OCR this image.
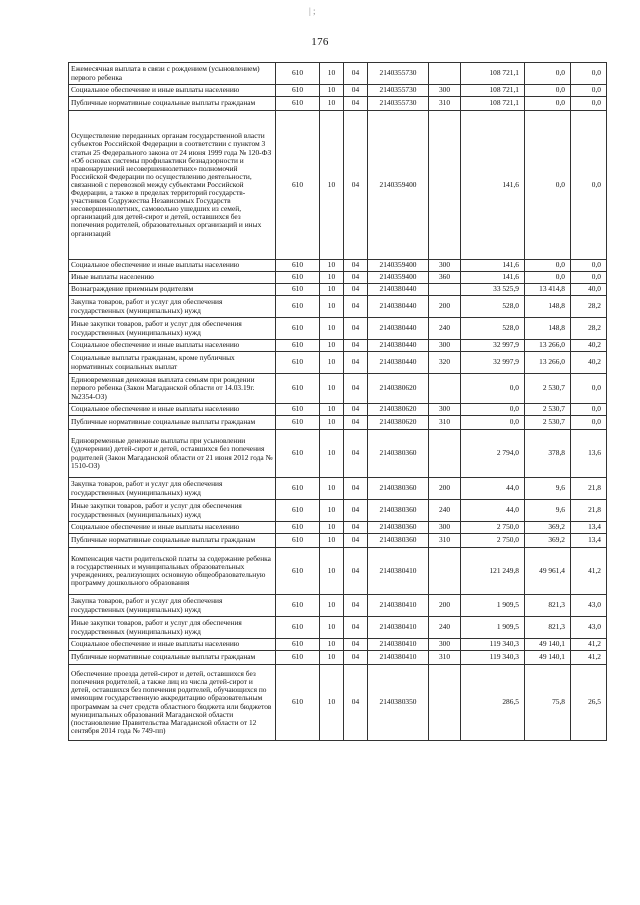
| ;
176
Ежемесячная выплата в связи с рождением (усыновлением) первого ребенка	610	10	04	2140355730		108 721,1	0,0	0,0
Социальное обеспечение и иные выплаты населению	610	10	04	2140355730	300	108 721,1	0,0	0,0
Публичные нормативные социальные выплаты гражданам	610	10	04	2140355730	310	108 721,1	0,0	0,0
Осуществление переданных органам государственной власти субъектов Российской Федерации в соответствии с пунктом 3 статьи 25 Федерального закона от 24 июня 1999 года № 120-ФЗ «Об основах системы профилактики безнадзорности и правонарушений несовершеннолетних» полномочий Российской Федерации по осуществлению деятельности, связанной с перевозкой между субъектами Российской Федерации, а также в пределах территорий государств-участников Содружества Независимых Государств несовершеннолетних, самовольно ушедших из семей, организаций для детей-сирот и детей, оставшихся без попечения родителей, образовательных организаций и иных организаций	610	10	04	2140359400		141,6	0,0	0,0
Социальное обеспечение и иные выплаты населению	610	10	04	2140359400	300	141,6	0,0	0,0
Иные выплаты населению	610	10	04	2140359400	360	141,6	0,0	0,0
Вознаграждение приемным родителям	610	10	04	2140380440		33 525,9	13 414,8	40,0
Закупка товаров, работ и услуг для обеспечения государственных (муниципальных) нужд	610	10	04	2140380440	200	528,0	148,8	28,2
Иные закупки товаров, работ и услуг для обеспечения государственных (муниципальных) нужд	610	10	04	2140380440	240	528,0	148,8	28,2
Социальное обеспечение и иные выплаты населению	610	10	04	2140380440	300	32 997,9	13 266,0	40,2
Социальные выплаты гражданам, кроме публичных нормативных социальных выплат	610	10	04	2140380440	320	32 997,9	13 266,0	40,2
Единовременная денежная выплата семьям при рождении первого ребенка (Закон Магаданской области от 14.03.19г. №2354-ОЗ)	610	10	04	2140380620		0,0	2 530,7	0,0
Социальное обеспечение и иные выплаты населению	610	10	04	2140380620	300	0,0	2 530,7	0,0
Публичные нормативные социальные выплаты гражданам	610	10	04	2140380620	310	0,0	2 530,7	0,0
Единовременные денежные выплаты при усыновлении (удочерении) детей-сирот и детей, оставшихся без попечения родителей (Закон Магаданской области от 21 июня 2012 года № 1510-ОЗ)	610	10	04	2140380360		2 794,0	378,8	13,6
Закупка товаров, работ и услуг для обеспечения государственных (муниципальных) нужд	610	10	04	2140380360	200	44,0	9,6	21,8
Иные закупки товаров, работ и услуг для обеспечения государственных (муниципальных) нужд	610	10	04	2140380360	240	44,0	9,6	21,8
Социальное обеспечение и иные выплаты населению	610	10	04	2140380360	300	2 750,0	369,2	13,4
Публичные нормативные социальные выплаты гражданам	610	10	04	2140380360	310	2 750,0	369,2	13,4
Компенсация части родительской платы за содержание ребенка в государственных и муниципальных образовательных учреждениях, реализующих основную общеобразовательную программу дошкольного образования	610	10	04	2140380410		121 249,8	49 961,4	41,2
Закупка товаров, работ и услуг для обеспечения государственных (муниципальных) нужд	610	10	04	2140380410	200	1 909,5	821,3	43,0
Иные закупки товаров, работ и услуг для обеспечения государственных (муниципальных) нужд	610	10	04	2140380410	240	1 909,5	821,3	43,0
Социальное обеспечение и иные выплаты населению	610	10	04	2140380410	300	119 340,3	49 140,1	41,2
Публичные нормативные социальные выплаты гражданам	610	10	04	2140380410	310	119 340,3	49 140,1	41,2
Обеспечение проезда детей-сирот и детей, оставшихся без попечения родителей, а также лиц из числа детей-сирот и детей, оставшихся без попечения родителей, обучающихся по имеющим государственную аккредитацию образовательным программам за счет средств областного бюджета или бюджетов муниципальных образований Магаданской области (постановление Правительства Магаданской области от 12 сентября 2014 года № 749-пп)	610	10	04	2140380350		286,5	75,8	26,5
